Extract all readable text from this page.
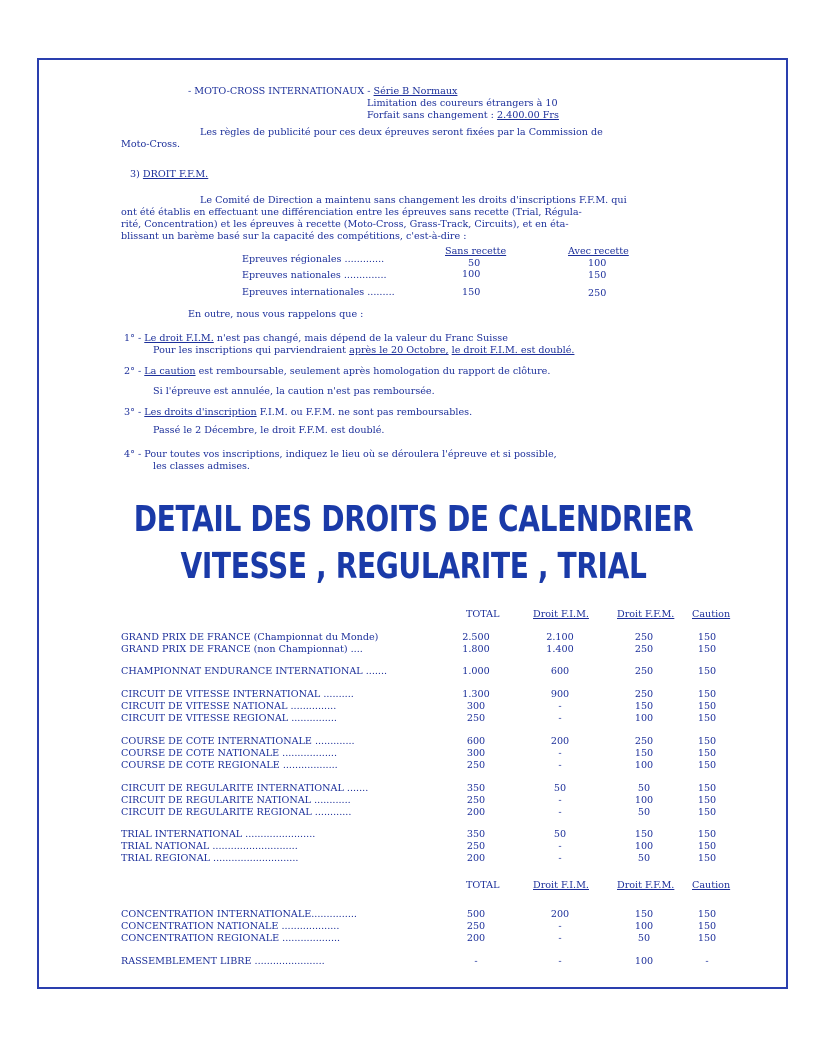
- MOTO-CROSS INTERNATIONAUX - Série B Normaux
Limitation des coureurs étrangers à 10
Forfait sans changement : 2.400.00 Frs
Les règles de publicité pour ces deux épreuves seront fixées par la Commission de
Moto-Cross.
3) DROIT F.F.M.
Le Comité de Direction a maintenu sans changement les droits d'inscriptions F.F.M. qui
ont été établis en effectuant une différenciation entre les épreuves sans recette (Trial, Régula-
rité, Concentration) et les épreuves à recette (Moto-Cross, Grass-Track, Circuits), et en éta-
blissant un barème basé sur la capacité des compétitions, c'est-à-dire :
Sans recette	Avec recette
Epreuves régionales .............	50	100
Epreuves nationales ..............	100	150
Epreuves internationales .........	150	250
En outre, nous vous rappelons que :
1° - Le droit F.I.M. n'est pas changé, mais dépend de la valeur du Franc Suisse
Pour les inscriptions qui parviendraient après le 20 Octobre, le droit F.I.M. est doublé.
2° - La caution est remboursable, seulement après homologation du rapport de clôture.
Si l'épreuve est annulée, la caution n'est pas remboursée.
3° - Les droits d'inscription F.I.M. ou F.F.M. ne sont pas remboursables.
Passé le 2 Décembre, le droit F.F.M. est doublé.
4° - Pour toutes vos inscriptions, indiquez le lieu où se déroulera l'épreuve et si possible,
les classes admises.
DETAIL DES DROITS DE CALENDRIER
VITESSE , REGULARITE , TRIAL
TOTAL	Droit F.I.M.	Droit F.F.M. Caution
GRAND PRIX DE FRANCE (Championnat du Monde)	2.500	2.100	250	150
GRAND PRIX DE FRANCE (non Championnat) ....	1.800	1.400	250	150
CHAMPIONNAT ENDURANCE INTERNATIONAL .......	1.000	600	250	150
CIRCUIT DE VITESSE INTERNATIONAL ..........	1.300	900	250	150
CIRCUIT DE VITESSE NATIONAL ...............	300	-	150	150
CIRCUIT DE VITESSE REGIONAL ...............	250	-	100	150
COURSE DE COTE INTERNATIONALE .............	600	200	250	150
COURSE DE COTE NATIONALE ..................	300	-	150	150
COURSE DE COTE REGIONALE ..................	250	-	100	150
CIRCUIT DE REGULARITE INTERNATIONAL .......	350	50	50	150
CIRCUIT DE REGULARITE NATIONAL ............	250	-	100	150
CIRCUIT DE REGULARITE REGIONAL ............	200	-	50	150
TRIAL INTERNATIONAL .......................	350	50	150	150
TRIAL NATIONAL ............................	250	-	100	150
TRIAL REGIONAL ............................	200	-	50	150
TOTAL	Droit F.I.M.	Droit F.F.M. Caution
CONCENTRATION INTERNATIONALE...............	500	200	150	150
CONCENTRATION NATIONALE ...................	250	-	100	150
CONCENTRATION REGIONALE ...................	200	-	50	150
RASSEMBLEMENT LIBRE .......................	-	-	100	-
